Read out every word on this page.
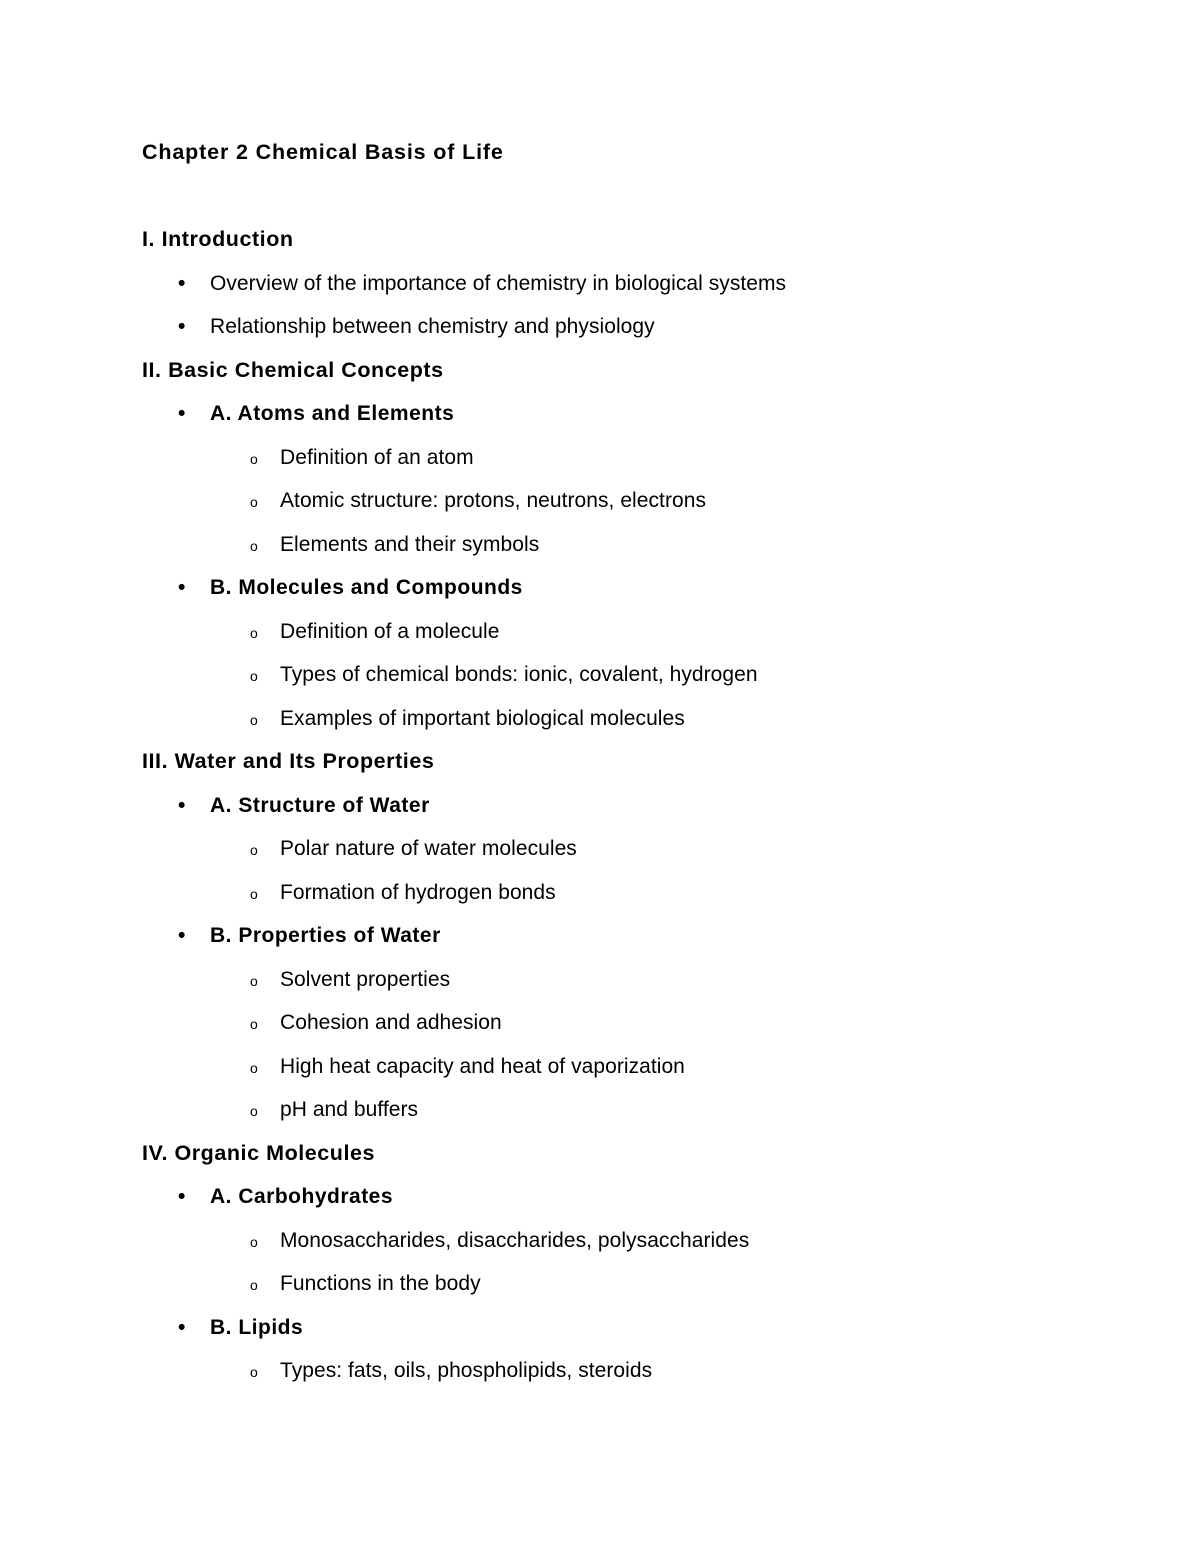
Chapter 2 Chemical Basis of Life
I. Introduction
•	Overview of the importance of chemistry in biological systems
•	Relationship between chemistry and physiology
II. Basic Chemical Concepts
•	A. Atoms and Elements
o	Definition of an atom
o	Atomic structure: protons, neutrons, electrons
o	Elements and their symbols
•	B. Molecules and Compounds
o	Definition of a molecule
o	Types of chemical bonds: ionic, covalent, hydrogen
o	Examples of important biological molecules
III. Water and Its Properties
•	A. Structure of Water
o	Polar nature of water molecules
o	Formation of hydrogen bonds
•	B. Properties of Water
o	Solvent properties
o	Cohesion and adhesion
o	High heat capacity and heat of vaporization
o	pH and buffers
IV. Organic Molecules
•	A. Carbohydrates
o	Monosaccharides, disaccharides, polysaccharides
o	Functions in the body
•	B. Lipids
o	Types: fats, oils, phospholipids, steroids
